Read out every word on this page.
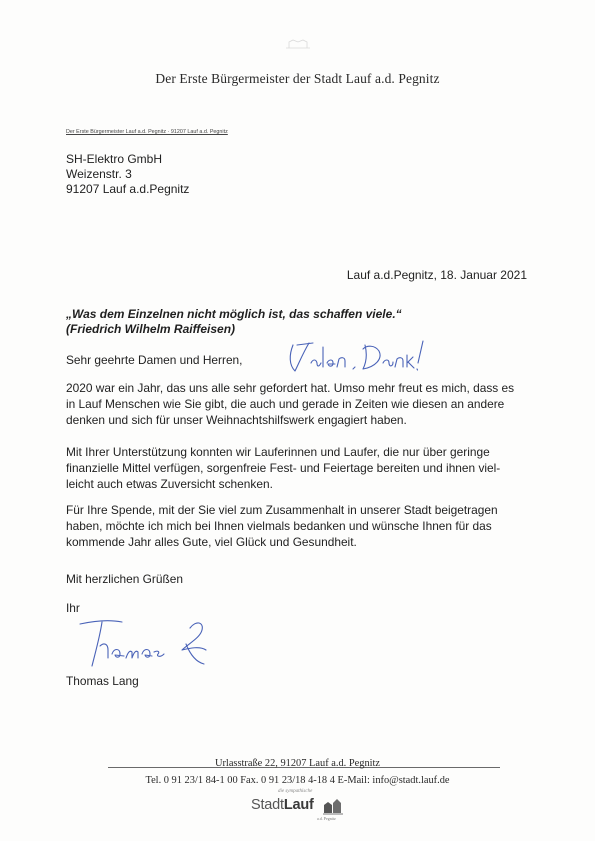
Der Erste Bürgermeister der Stadt Lauf a.d. Pegnitz
Der Erste Bürgermeister Lauf a.d. Pegnitz · 91207 Lauf a.d. Pegnitz
SH-Elektro GmbH
Weizenstr. 3
91207 Lauf a.d.Pegnitz
Lauf a.d.Pegnitz, 18. Januar 2021
„Was dem Einzelnen nicht möglich ist, das schaffen viele.“
(Friedrich Wilhelm Raiffeisen)
Sehr geehrte Damen und Herren,
2020 war ein Jahr, das uns alle sehr gefordert hat. Umso mehr freut es mich, dass es
in Lauf Menschen wie Sie gibt, die auch und gerade in Zeiten wie diesen an andere
denken und sich für unser Weihnachtshilfswerk engagiert haben.
Mit Ihrer Unterstützung konnten wir Lauferinnen und Laufer, die nur über geringe
finanzielle Mittel verfügen, sorgenfreie Fest- und Feiertage bereiten und ihnen viel-
leicht auch etwas Zuversicht schenken.
Für Ihre Spende, mit der Sie viel zum Zusammenhalt in unserer Stadt beigetragen
haben, möchte ich mich bei Ihnen vielmals bedanken und wünsche Ihnen für das
kommende Jahr alles Gute, viel Glück und Gesundheit.
Mit herzlichen Grüßen
Ihr
Thomas Lang
Urlasstraße 22, 91207 Lauf a.d. Pegnitz
Tel. 0 91 23/1 84-1 00 Fax. 0 91 23/18 4-18 4 E-Mail: info@stadt.lauf.de
die sympathische
StadtLauf
a.d. Pegnitz
